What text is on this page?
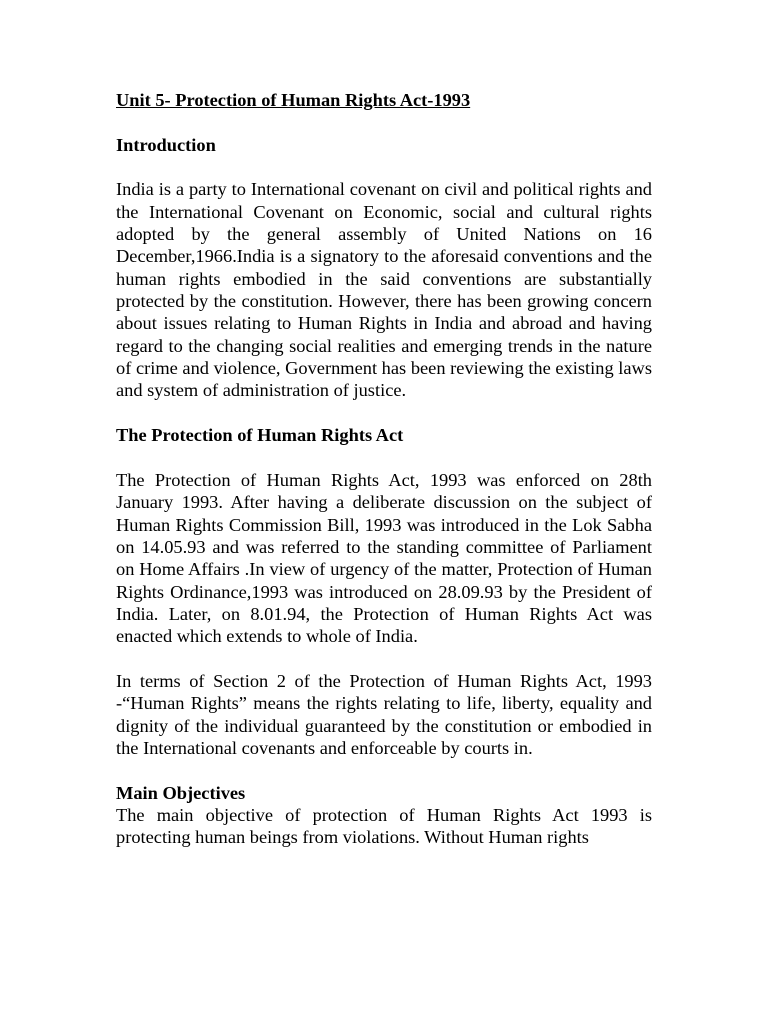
Unit 5- Protection of Human Rights Act-1993

Introduction

India is a party to International covenant on civil and political rights and the International Covenant on Economic, social and cultural rights adopted by the general assembly of United Nations on 16 December,1966.India is a signatory to the aforesaid conventions and the human rights embodied in the said conventions are substantially protected by the constitution. However, there has been growing concern about issues relating to Human Rights in India and abroad and having regard to the changing social realities and emerging trends in the nature of crime and violence, Government has been reviewing the existing laws and system of administration of justice.

The Protection of Human Rights Act

The Protection of Human Rights Act, 1993 was enforced on 28th January 1993. After having a deliberate discussion on the subject of Human Rights Commission Bill, 1993 was introduced in the Lok Sabha on 14.05.93 and was referred to the standing committee of Parliament on Home Affairs .In view of urgency of the matter, Protection of Human Rights Ordinance,1993 was introduced on 28.09.93 by the President of India. Later, on 8.01.94, the Protection of Human Rights Act was enacted which extends to whole of India.

In terms of Section 2 of the Protection of Human Rights Act, 1993 -“Human Rights” means the rights relating to life, liberty, equality and dignity of the individual guaranteed by the constitution or embodied in the International covenants and enforceable by courts in.

Main Objectives

The main objective of protection of Human Rights Act 1993 is protecting human beings from violations. Without Human rights
